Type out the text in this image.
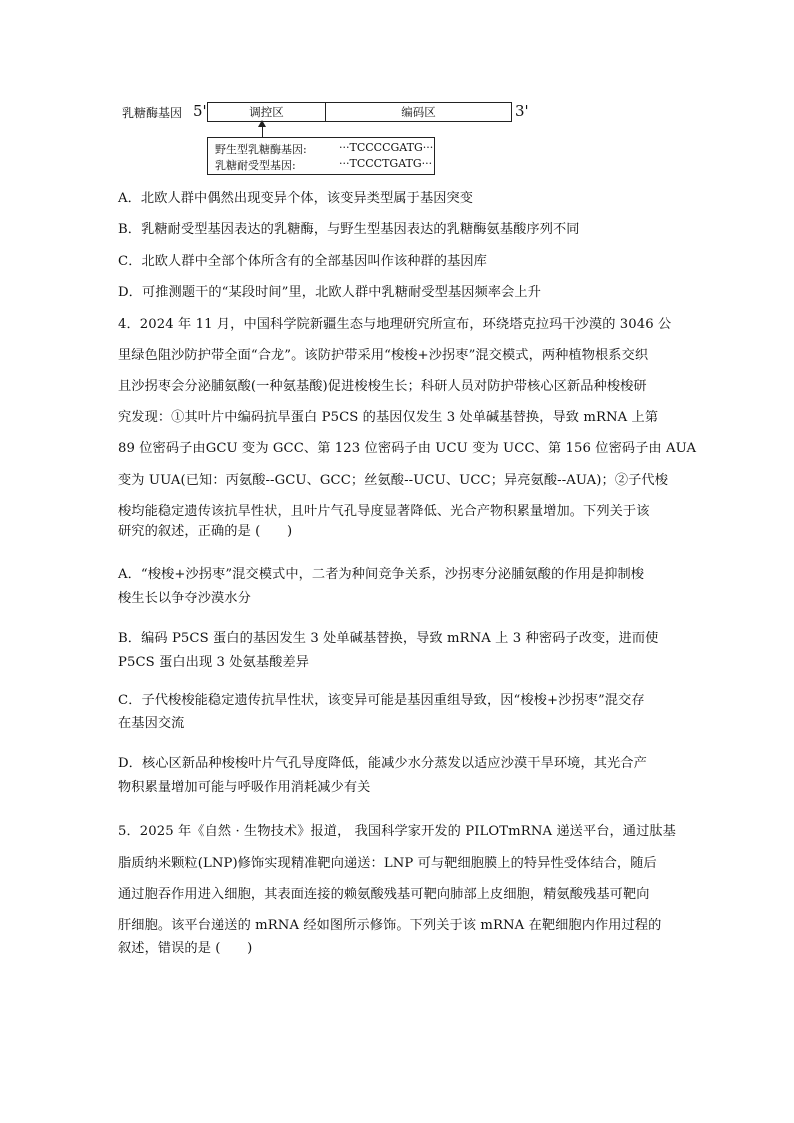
乳糖酶基因 5'	调控区	编码区	3'
野生型乳糖酶基因:	···TCCCCGATG···
乳糖耐受型基因:	···TCCCTGATG···
A．北欧人群中偶然出现变异个体，该变异类型属于基因突变
B．乳糖耐受型基因表达的乳糖酶，与野生型基因表达的乳糖酶氨基酸序列不同
C．北欧人群中全部个体所含有的全部基因叫作该种群的基因库
D．可推测题干的“某段时间”里，北欧人群中乳糖耐受型基因频率会上升
4．2024 年 11 月，中国科学院新疆生态与地理研究所宣布，环绕塔克拉玛干沙漠的 3046 公
里绿色阻沙防护带全面“合龙”。该防护带采用“梭梭+沙拐枣”混交模式，两种植物根系交织
且沙拐枣会分泌脯氨酸(一种氨基酸)促进梭梭生长；科研人员对防护带核心区新品种梭梭研
究发现：①其叶片中编码抗旱蛋白 P5CS 的基因仅发生 3 处单碱基替换，导致 mRNA 上第
89 位密码子由GCU 变为 GCC、第 123 位密码子由 UCU 变为 UCC、第 156 位密码子由 AUA
变为 UUA(已知：丙氨酸--GCU、GCC；丝氨酸--UCU、UCC；异亮氨酸--AUA)；②子代梭
梭均能稳定遗传该抗旱性状，且叶片气孔导度显著降低、光合产物积累量增加。下列关于该
研究的叙述，正确的是 (　　)
A．“梭梭+沙拐枣”混交模式中，二者为种间竞争关系，沙拐枣分泌脯氨酸的作用是抑制梭
梭生长以争夺沙漠水分
B．编码 P5CS 蛋白的基因发生 3 处单碱基替换，导致 mRNA 上 3 种密码子改变，进而使
P5CS 蛋白出现 3 处氨基酸差异
C．子代梭梭能稳定遗传抗旱性状，该变异可能是基因重组导致，因“梭梭+沙拐枣”混交存
在基因交流
D．核心区新品种梭梭叶片气孔导度降低，能减少水分蒸发以适应沙漠干旱环境，其光合产
物积累量增加可能与呼吸作用消耗减少有关
5．2025 年《自然 · 生物技术》报道， 我国科学家开发的 PILOTmRNA 递送平台，通过肽基
脂质纳米颗粒(LNP)修饰实现精准靶向递送：LNP 可与靶细胞膜上的特异性受体结合，随后
通过胞吞作用进入细胞，其表面连接的赖氨酸残基可靶向肺部上皮细胞，精氨酸残基可靶向
肝细胞。该平台递送的 mRNA 经如图所示修饰。下列关于该 mRNA 在靶细胞内作用过程的
叙述，错误的是 (　　)
